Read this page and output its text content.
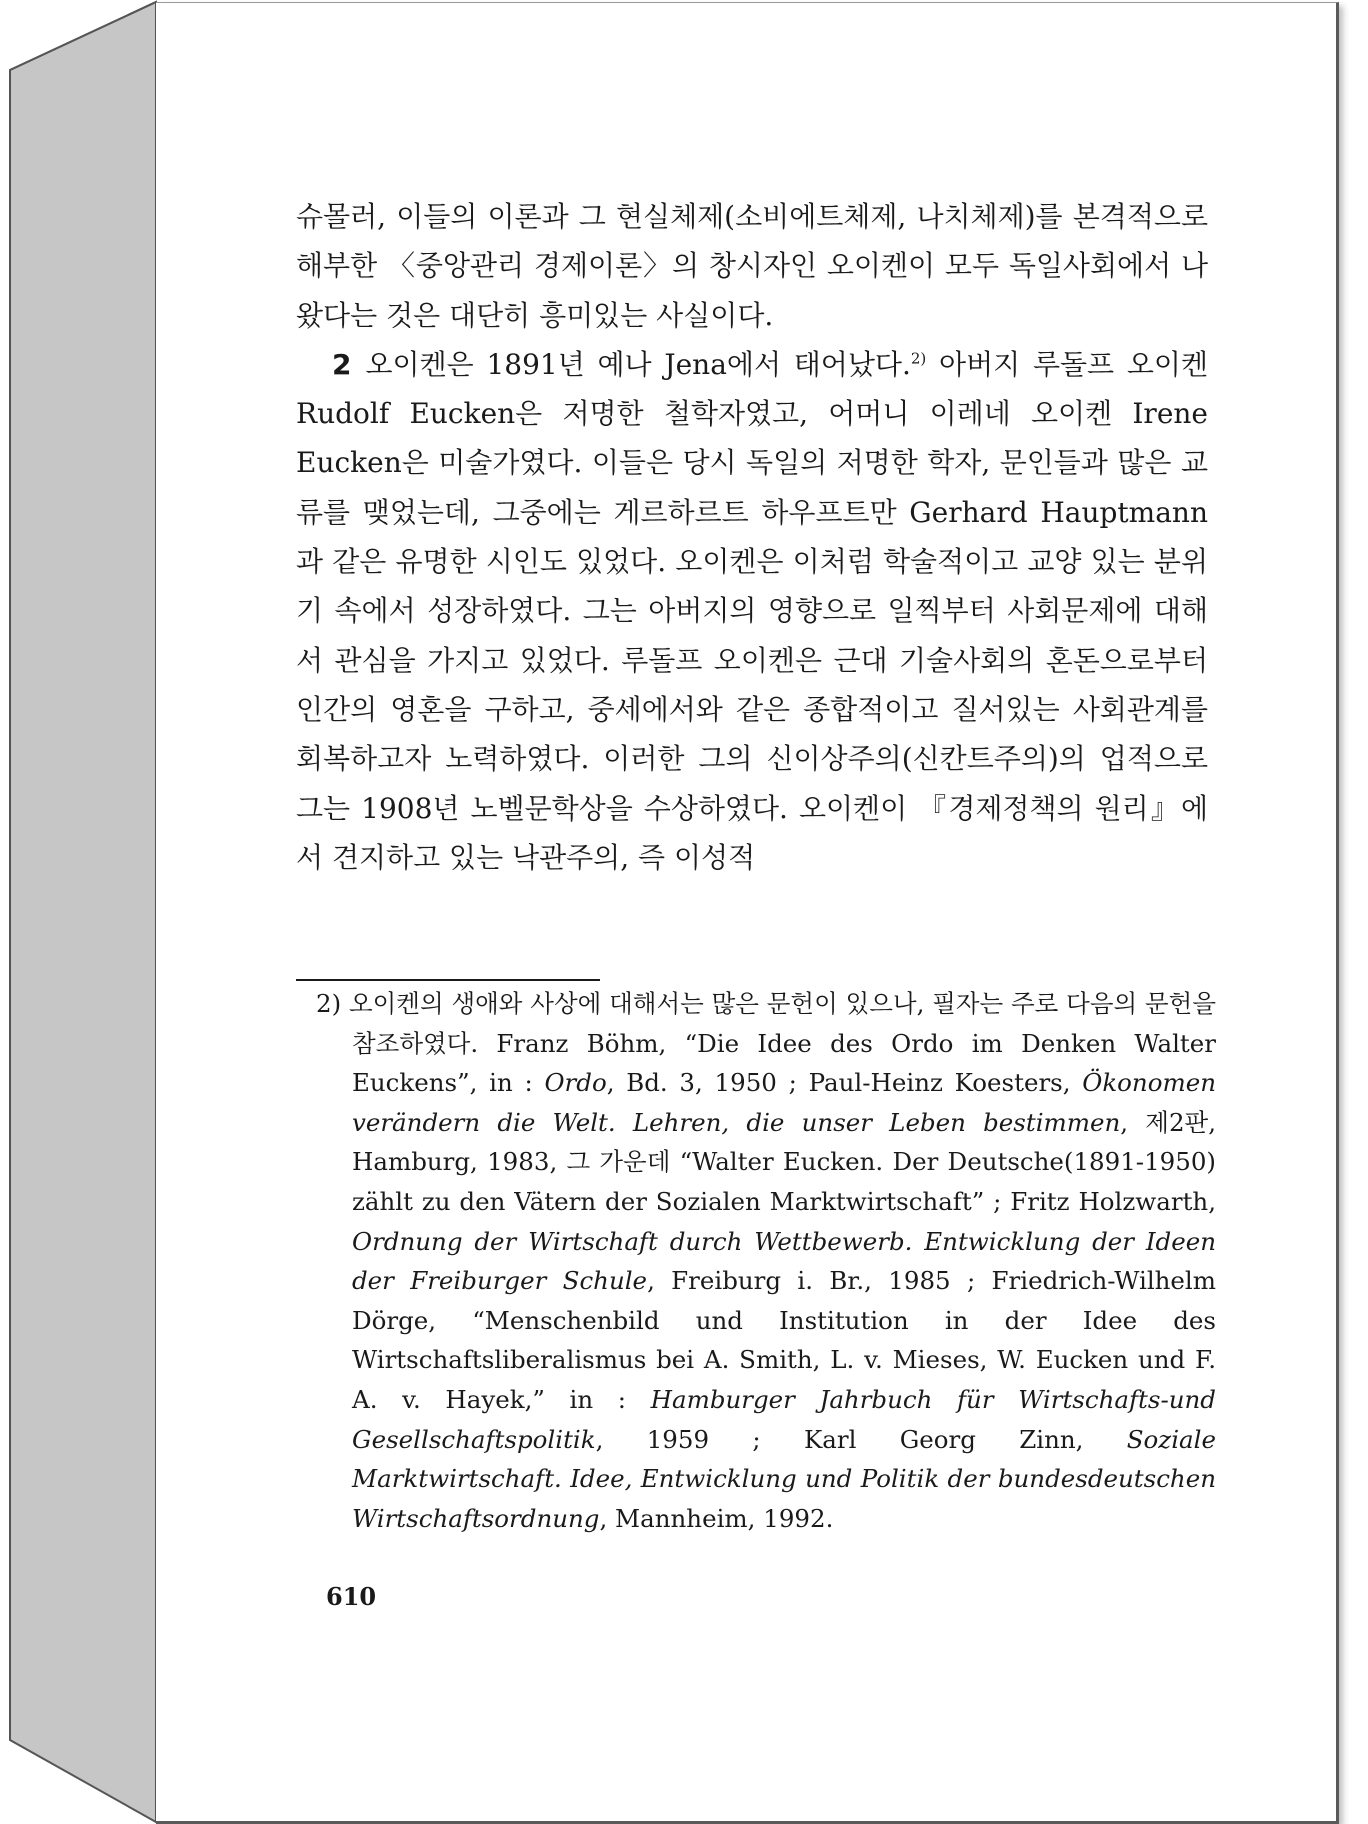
슈몰러, 이들의 이론과 그 현실체제(소비에트체제, 나치체제)를 본격적으로 해부한 〈중앙관리 경제이론〉의 창시자인 오이켄이 모두 독일사회에서 나왔다는 것은 대단히 흥미있는 사실이다.

2 오이켄은 1891년 예나 Jena에서 태어났다.$^{2)}$ 아버지 루돌프 오이켄 Rudolf Eucken은 저명한 철학자였고, 어머니 이레네 오이켄 Irene Eucken은 미술가였다. 이들은 당시 독일의 저명한 학자, 문인들과 많은 교류를 맺었는데, 그중에는 게르하르트 하우프트만 Gerhard Hauptmann과 같은 유명한 시인도 있었다. 오이켄은 이처럼 학술적이고 교양 있는 분위기 속에서 성장하였다. 그는 아버지의 영향으로 일찍부터 사회문제에 대해서 관심을 가지고 있었다. 루돌프 오이켄은 근대 기술사회의 혼돈으로부터 인간의 영혼을 구하고, 중세에서와 같은 종합적이고 질서있는 사회관계를 회복하고자 노력하였다. 이러한 그의 신이상주의(신칸트주의)의 업적으로 그는 1908년 노벨문학상을 수상하였다. 오이켄이 『경제정책의 원리』에서 견지하고 있는 낙관주의, 즉 이성적

2) 오이켄의 생애와 사상에 대해서는 많은 문헌이 있으나, 필자는 주로 다음의 문헌을 참조하였다. Franz Böhm, “Die Idee des Ordo im Denken Walter Euckens”, in : Ordo, Bd. 3, 1950 ; Paul-Heinz Koesters, Ökonomen verändern die Welt. Lehren, die unser Leben bestimmen, 제2판, Hamburg, 1983, 그 가운데 “Walter Eucken. Der Deutsche(1891-1950) zählt zu den Vätern der Sozialen Marktwirtschaft” ; Fritz Holzwarth, Ordnung der Wirtschaft durch Wettbewerb. Entwicklung der Ideen der Freiburger Schule, Freiburg i. Br., 1985 ; Friedrich-Wilhelm Dörge, “Menschenbild und Institution in der Idee des Wirtschaftsliberalismus bei A. Smith, L. v. Mieses, W. Eucken und F. A. v. Hayek,” in : Hamburger Jahrbuch für Wirtschafts-und Gesellschaftspolitik, 1959 ; Karl Georg Zinn, Soziale Marktwirtschaft. Idee, Entwicklung und Politik der bundesdeutschen Wirtschaftsordnung, Mannheim, 1992.

610
